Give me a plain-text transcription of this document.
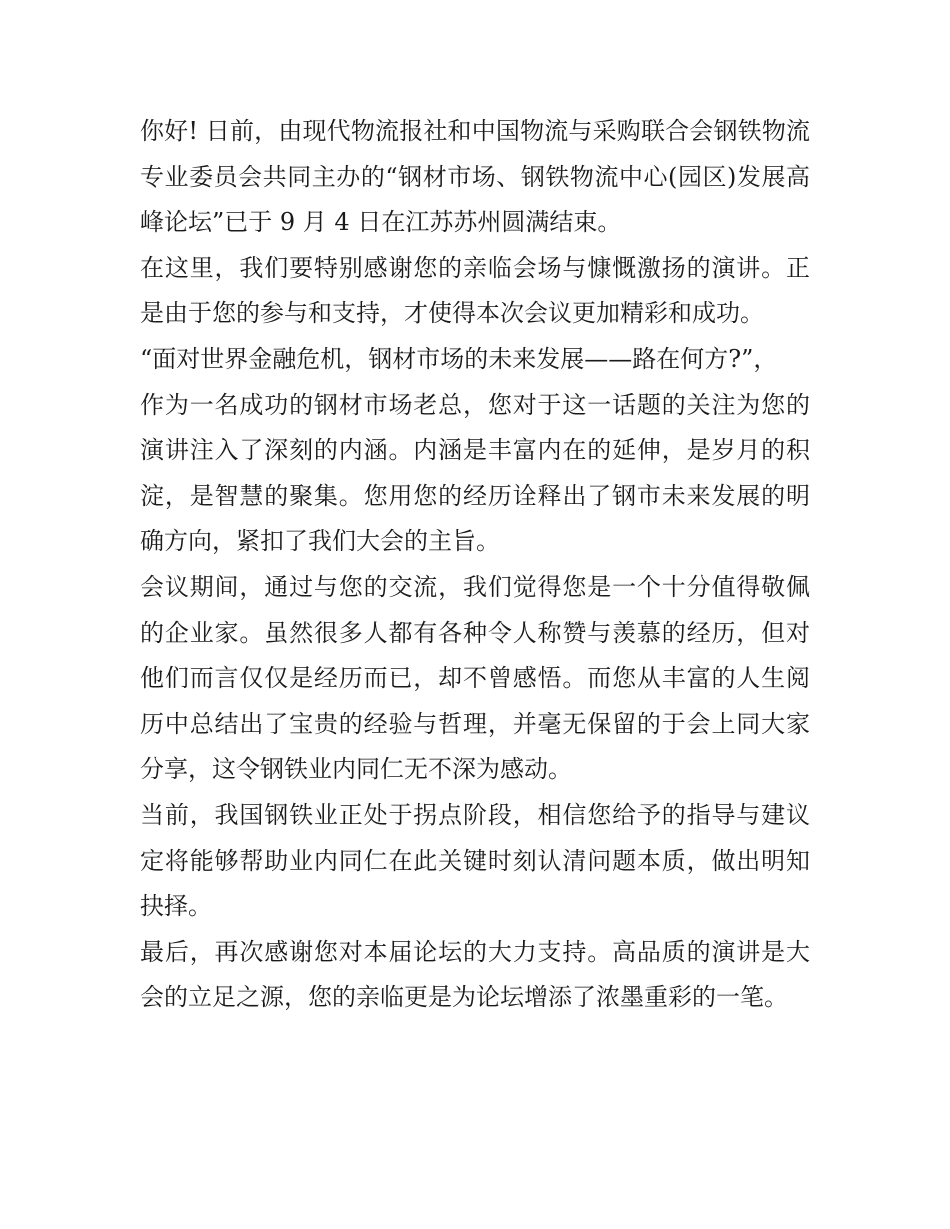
你好! 日前，由现代物流报社和中国物流与采购联合会钢铁物流专业委员会共同主办的“钢材市场、钢铁物流中心(园区)发展高峰论坛”已于 9 月 4 日在江苏苏州圆满结束。

在这里，我们要特别感谢您的亲临会场与慷慨激扬的演讲。正是由于您的参与和支持，才使得本次会议更加精彩和成功。

“面对世界金融危机，钢材市场的未来发展——路在何方?”，

作为一名成功的钢材市场老总，您对于这一话题的关注为您的演讲注入了深刻的内涵。内涵是丰富内在的延伸，是岁月的积淀，是智慧的聚集。您用您的经历诠释出了钢市未来发展的明确方向，紧扣了我们大会的主旨。

会议期间，通过与您的交流，我们觉得您是一个十分值得敬佩的企业家。虽然很多人都有各种令人称赞与羡慕的经历，但对他们而言仅仅是经历而已，却不曾感悟。而您从丰富的人生阅历中总结出了宝贵的经验与哲理，并毫无保留的于会上同大家分享，这令钢铁业内同仁无不深为感动。

当前，我国钢铁业正处于拐点阶段，相信您给予的指导与建议定将能够帮助业内同仁在此关键时刻认清问题本质，做出明知抉择。

最后，再次感谢您对本届论坛的大力支持。高品质的演讲是大会的立足之源，您的亲临更是为论坛增添了浓墨重彩的一笔。
